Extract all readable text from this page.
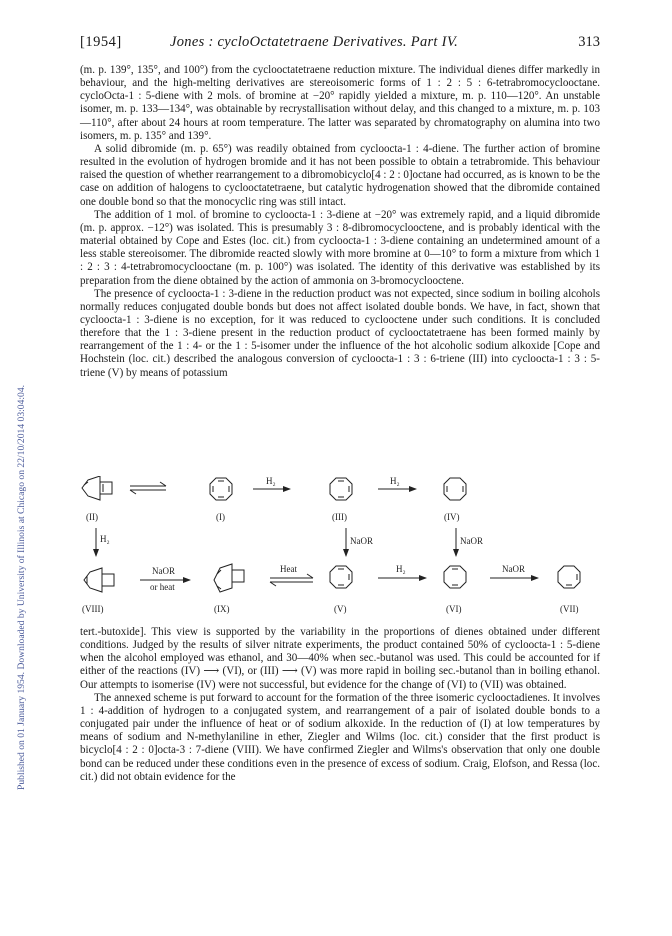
Published on 01 January 1954. Downloaded by University of Illinois at Chicago on 22/10/2014 03:04:04.
[1954]	Jones : cycloOctatetraene Derivatives. Part IV.	313

(m. p. 139°, 135°, and 100°) from the cyclooctatetraene reduction mixture. The individual dienes differ markedly in behaviour, and the high-melting derivatives are stereoisomeric forms of 1 : 2 : 5 : 6-tetrabromocyclooctane. cycloOcta-1 : 5-diene with 2 mols. of bromine at −20° rapidly yielded a mixture, m. p. 110—120°. An unstable isomer, m. p. 133—134°, was obtainable by recrystallisation without delay, and this changed to a mixture, m. p. 103—110°, after about 24 hours at room temperature. The latter was separated by chromatography on alumina into two isomers, m. p. 135° and 139°.

A solid dibromide (m. p. 65°) was readily obtained from cycloocta-1 : 4-diene. The further action of bromine resulted in the evolution of hydrogen bromide and it has not been possible to obtain a tetrabromide. This behaviour raised the question of whether rearrangement to a dibromobicyclo[4 : 2 : 0]octane had occurred, as is known to be the case on addition of halogens to cyclooctatetraene, but catalytic hydrogenation showed that the dibromide contained one double bond so that the monocyclic ring was still intact.

The addition of 1 mol. of bromine to cycloocta-1 : 3-diene at −20° was extremely rapid, and a liquid dibromide (m. p. approx. −12°) was isolated. This is presumably 3 : 8-dibromocyclooctene, and is probably identical with the material obtained by Cope and Estes (loc. cit.) from cycloocta-1 : 3-diene containing an undetermined amount of a less stable stereoisomer. The dibromide reacted slowly with more bromine at 0—10° to form a mixture from which 1 : 2 : 3 : 4-tetrabromocyclooctane (m. p. 100°) was isolated. The identity of this derivative was established by its preparation from the diene obtained by the action of ammonia on 3-bromocyclooctene.

The presence of cycloocta-1 : 3-diene in the reduction product was not expected, since sodium in boiling alcohols normally reduces conjugated double bonds but does not affect isolated double bonds. We have, in fact, shown that cycloocta-1 : 3-diene is no exception, for it was reduced to cyclooctene under such conditions. It is concluded therefore that the 1 : 3-diene present in the reduction product of cyclooctatetraene has been formed mainly by rearrangement of the 1 : 4- or the 1 : 5-isomer under the influence of the hot alcoholic sodium alkoxide [Cope and Hochstein (loc. cit.) described the analogous conversion of cycloocta-1 : 3 : 6-triene (III) into cycloocta-1 : 3 : 5-triene (V) by means of potassium

(II)	(I)	(III)	(IV)
(VIII)	(IX)	(V)	(VI)	(VII)
H₂	H₂
H₂	NaOR	NaOR
NaOR
or heat
Heat	H₂	NaOR

tert.-butoxide]. This view is supported by the variability in the proportions of dienes obtained under different conditions. Judged by the results of silver nitrate experiments, the product contained 50% of cycloocta-1 : 5-diene when the alcohol employed was ethanol, and 30—40% when sec.-butanol was used. This could be accounted for if either of the reactions (IV) ⟶ (VI), or (III) ⟶ (V) was more rapid in boiling sec.-butanol than in boiling ethanol. Our attempts to isomerise (IV) were not successful, but evidence for the change of (VI) to (VII) was obtained.

The annexed scheme is put forward to account for the formation of the three isomeric cyclooctadienes. It involves 1 : 4-addition of hydrogen to a conjugated system, and rearrangement of a pair of isolated double bonds to a conjugated pair under the influence of heat or of sodium alkoxide. In the reduction of (I) at low temperatures by means of sodium and N-methylaniline in ether, Ziegler and Wilms (loc. cit.) consider that the first product is bicyclo[4 : 2 : 0]octa-3 : 7-diene (VIII). We have confirmed Ziegler and Wilms's observation that only one double bond can be reduced under these conditions even in the presence of excess of sodium. Craig, Elofson, and Ressa (loc. cit.) did not obtain evidence for the
